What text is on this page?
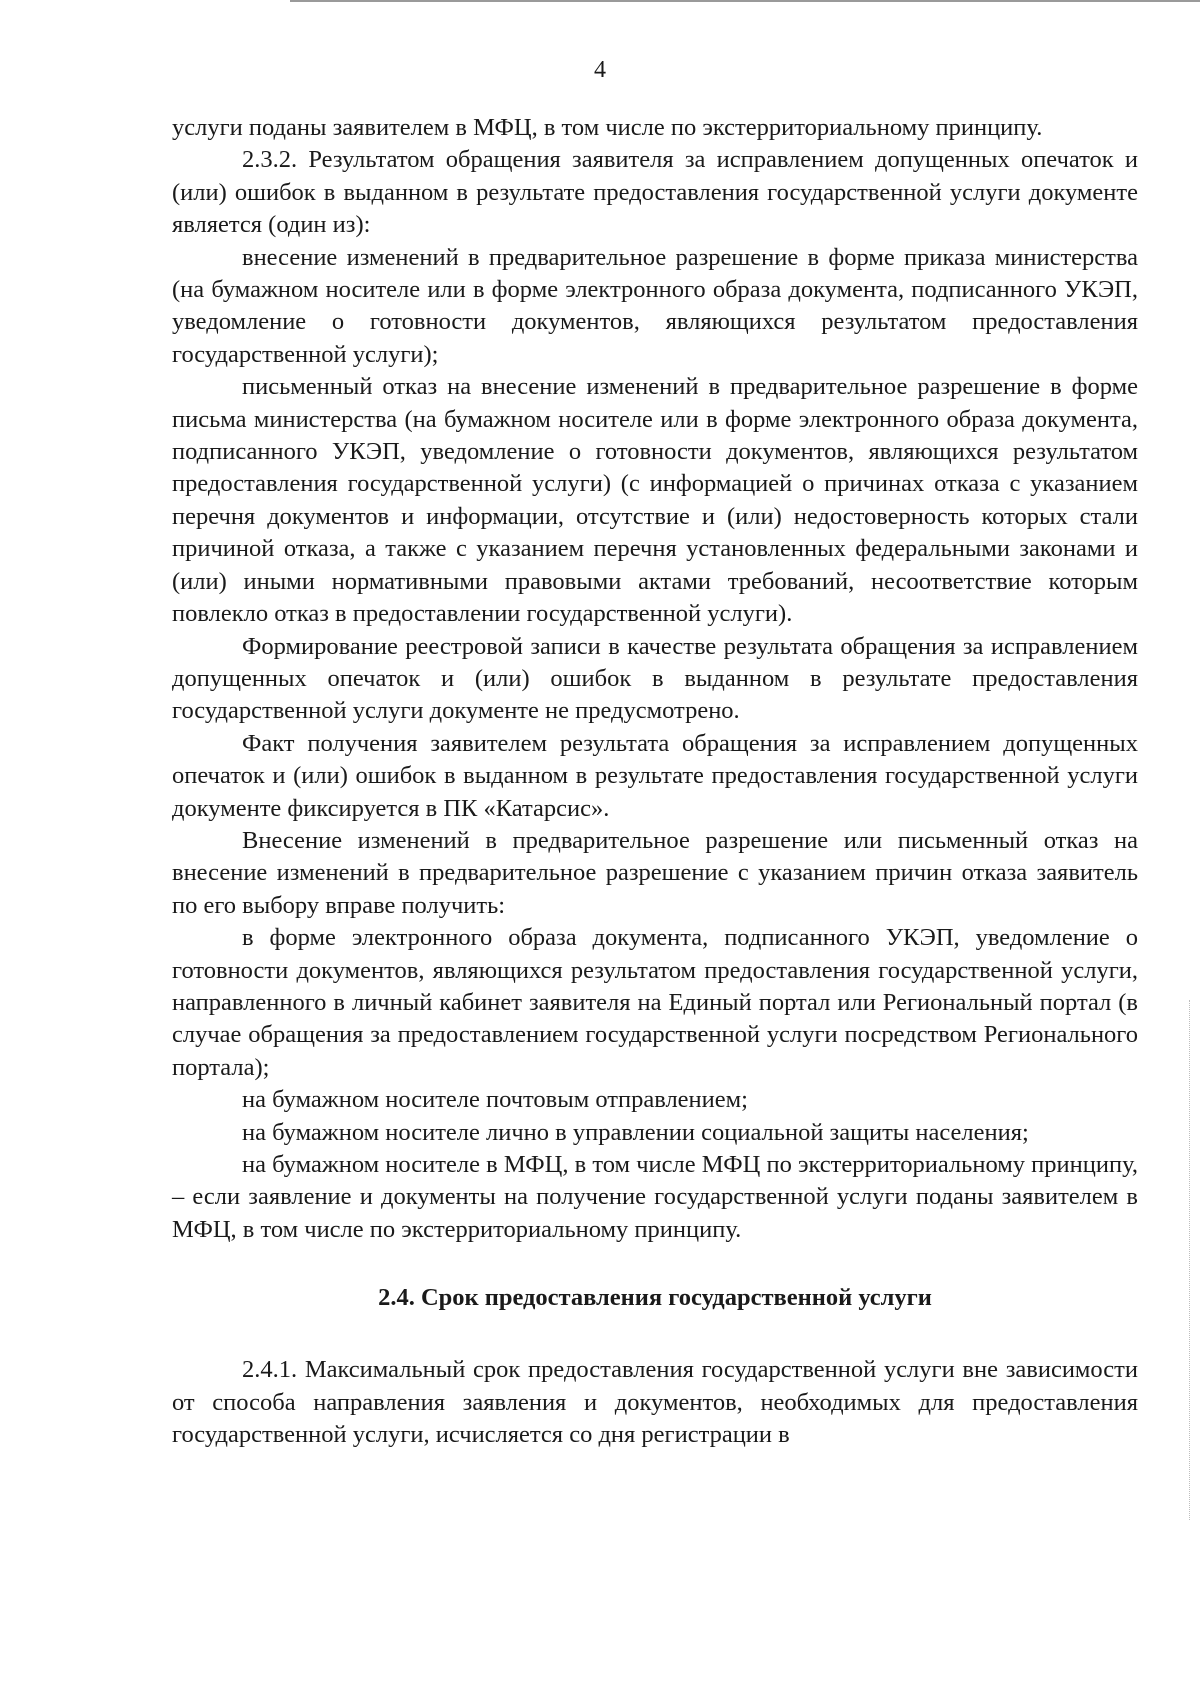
4

услуги поданы заявителем в МФЦ, в том числе по экстерриториальному принципу.

2.3.2. Результатом обращения заявителя за исправлением допущенных опечаток и (или) ошибок в выданном в результате предоставления государственной услуги документе является (один из):

внесение изменений в предварительное разрешение в форме приказа министерства (на бумажном носителе или в форме электронного образа документа, подписанного УКЭП, уведомление о готовности документов, являющихся результатом предоставления государственной услуги);

письменный отказ на внесение изменений в предварительное разрешение в форме письма министерства (на бумажном носителе или в форме электронного образа документа, подписанного УКЭП, уведомление о готовности документов, являющихся результатом предоставления государственной услуги) (с информацией о причинах отказа с указанием перечня документов и информации, отсутствие и (или) недостоверность которых стали причиной отказа, а также с указанием перечня установленных федеральными законами и (или) иными нормативными правовыми актами требований, несоответствие которым повлекло отказ в предоставлении государственной услуги).

Формирование реестровой записи в качестве результата обращения за исправлением допущенных опечаток и (или) ошибок в выданном в результате предоставления государственной услуги документе не предусмотрено.

Факт получения заявителем результата обращения за исправлением допущенных опечаток и (или) ошибок в выданном в результате предоставления государственной услуги документе фиксируется в ПК «Катарсис».

Внесение изменений в предварительное разрешение или письменный отказ на внесение изменений в предварительное разрешение с указанием причин отказа заявитель по его выбору вправе получить:

в форме электронного образа документа, подписанного УКЭП, уведомление о готовности документов, являющихся результатом предоставления государственной услуги, направленного в личный кабинет заявителя на Единый портал или Региональный портал (в случае обращения за предоставлением государственной услуги посредством Регионального портала);

на бумажном носителе почтовым отправлением;

на бумажном носителе лично в управлении социальной защиты населения;

на бумажном носителе в МФЦ, в том числе МФЦ по экстерриториальному принципу, – если заявление и документы на получение государственной услуги поданы заявителем в МФЦ, в том числе по экстерриториальному принципу.

2.4. Срок предоставления государственной услуги

2.4.1. Максимальный срок предоставления государственной услуги вне зависимости от способа направления заявления и документов, необходимых для предоставления государственной услуги, исчисляется со дня регистрации в
